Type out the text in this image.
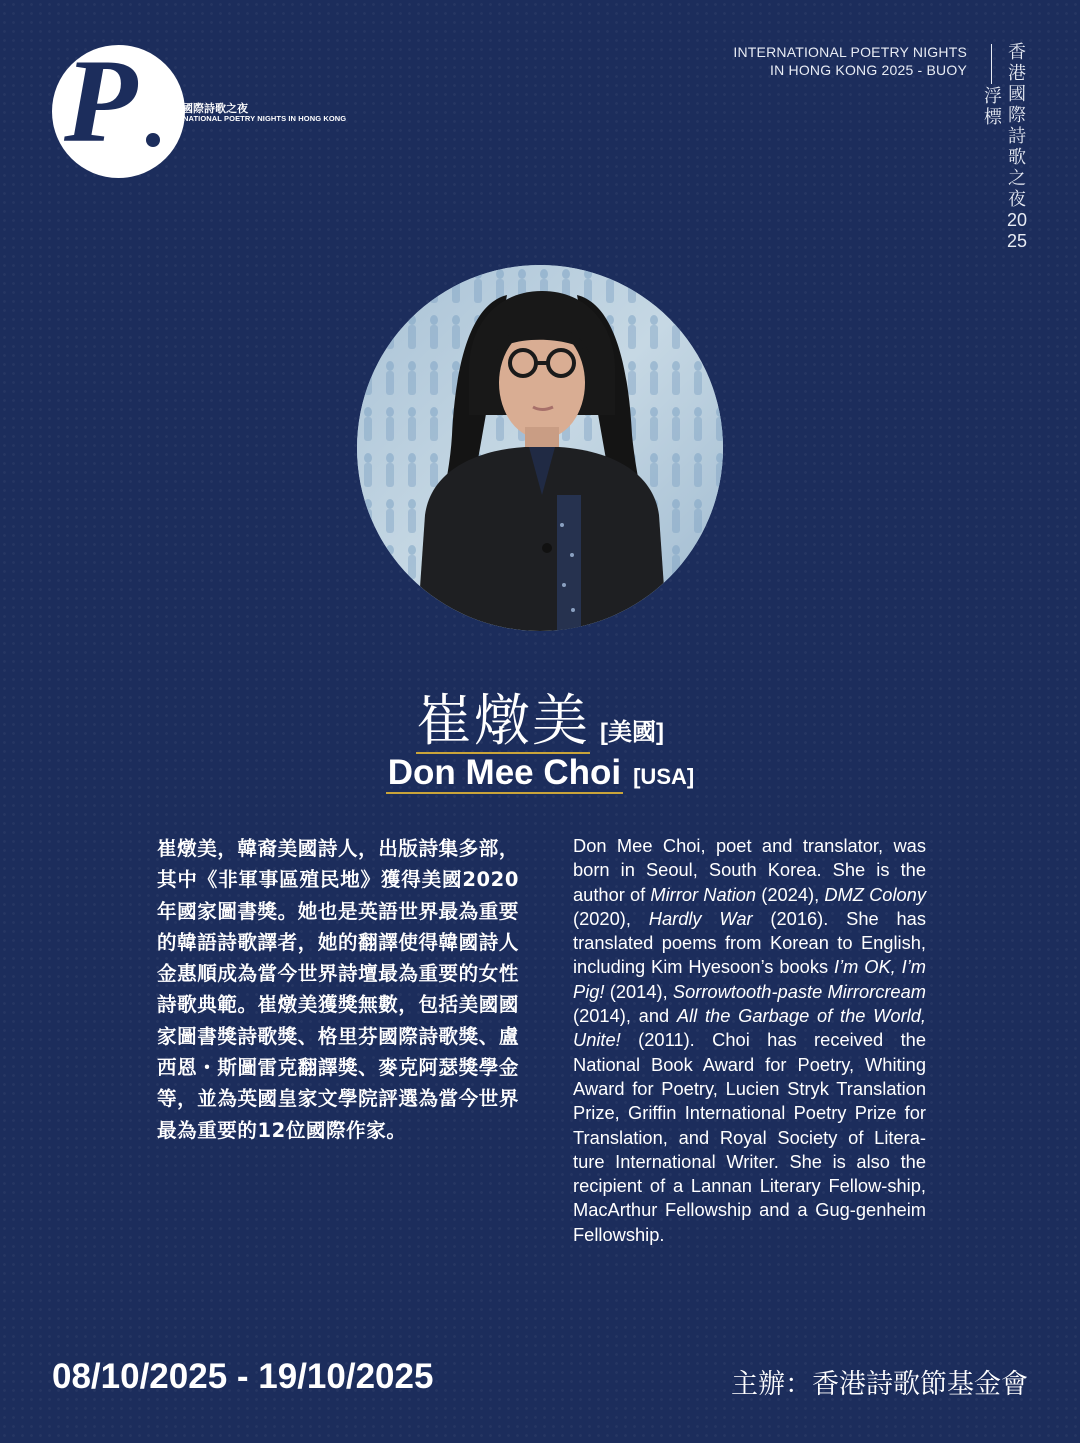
P 香港國際詩歌之夜
INTERNATIONAL POETRY NIGHTS IN HONG KONG
INTERNATIONAL POETRY NIGHTS
IN HONG KONG 2025 - BUOY
香港國際詩歌之夜2025
浮標
崔燉美 [美國]
Don Mee Choi [USA]
崔燉美，韓裔美國詩人，出版詩集多部，其中《非軍事區殖民地》獲得美國2020年國家圖書獎。她也是英語世界最為重要的韓語詩歌譯者，她的翻譯使得韓國詩人金惠順成為當今世界詩壇最為重要的女性詩歌典範。崔燉美獲獎無數，包括美國國家圖書獎詩歌獎、格里芬國際詩歌獎、盧西恩・斯圖雷克翻譯獎、麥克阿瑟獎學金等，並為英國皇家文學院評選為當今世界最為重要的12位國際作家。
Don Mee Choi, poet and translator, was born in Seoul, South Korea. She is the author of Mirror Nation (2024), DMZ Colony (2020), Hardly War (2016). She has translated poems from Korean to English, including Kim Hyesoon’s books I’m OK, I’m Pig! (2014), Sorrowtooth-paste Mirrorcream (2014), and All the Garbage of the World, Unite! (2011). Choi has received the National Book Award for Poetry, Whiting Award for Poetry, Lucien Stryk Translation Prize, Griffin International Poetry Prize for Translation, and Royal Society of Litera-ture International Writer. She is also the recipient of a Lannan Literary Fellow-ship, MacArthur Fellowship and a Gug-genheim Fellowship.
08/10/2025 - 19/10/2025	主辦：香港詩歌節基金會
